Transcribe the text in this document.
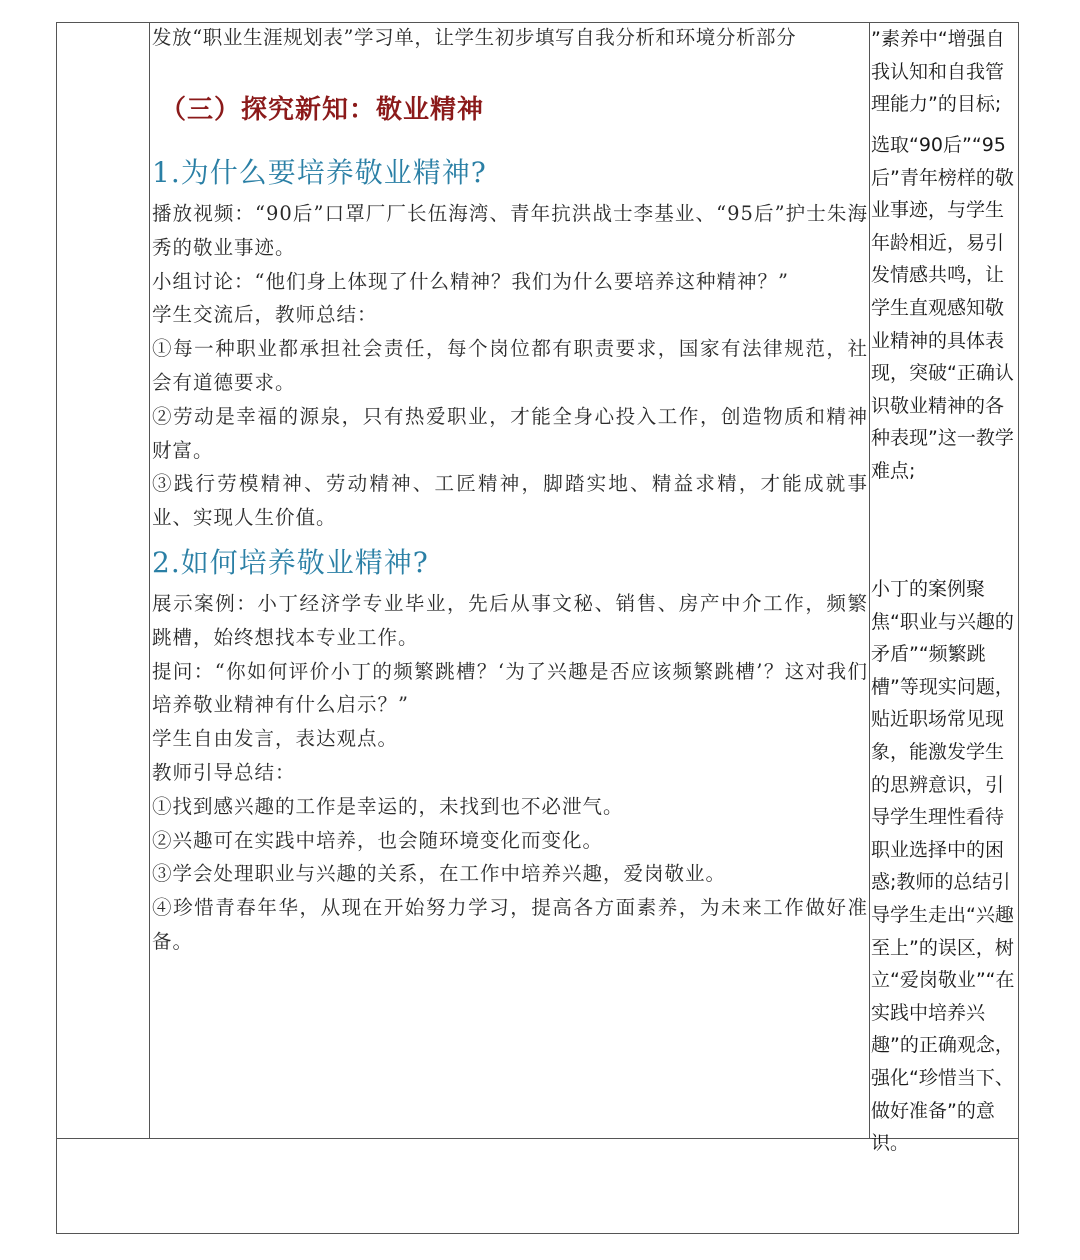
发放“职业生涯规划表”学习单，让学生初步填写自我分析和环境分析部分

（三）探究新知：敬业精神
1.为什么要培养敬业精神?

播放视频：“90后”口罩厂厂长伍海湾、青年抗洪战士李基业、“95后”护士朱海秀的敬业事迹。

小组讨论：“他们身上体现了什么精神？我们为什么要培养这种精神？”

学生交流后，教师总结：

①每一种职业都承担社会责任，每个岗位都有职责要求，国家有法律规范，社会有道德要求。

②劳动是幸福的源泉，只有热爱职业，才能全身心投入工作，创造物质和精神财富。

③践行劳模精神、劳动精神、工匠精神，脚踏实地、精益求精，才能成就事业、实现人生价值。

2.如何培养敬业精神?

展示案例：小丁经济学专业毕业，先后从事文秘、销售、房产中介工作，频繁跳槽，始终想找本专业工作。

提问：“你如何评价小丁的频繁跳槽？‘为了兴趣是否应该频繁跳槽’？这对我们培养敬业精神有什么启示？”

学生自由发言，表达观点。

教师引导总结：

①找到感兴趣的工作是幸运的，未找到也不必泄气。

②兴趣可在实践中培养，也会随环境变化而变化。

③学会处理职业与兴趣的关系，在工作中培养兴趣，爱岗敬业。

④珍惜青春年华，从现在开始努力学习，提高各方面素养，为未来工作做好准备。

”素养中“增强自我认知和自我管理能力”的目标;
选取“90后”“95后”青年榜样的敬业事迹，与学生年龄相近，易引发情感共鸣，让学生直观感知敬业精神的具体表现，突破“正确认识敬业精神的各种表现”这一教学难点;
小丁的案例聚焦“职业与兴趣的矛盾”“频繁跳槽”等现实问题，贴近职场常见现象，能激发学生的思辨意识，引导学生理性看待职业选择中的困惑;教师的总结引导学生走出“兴趣至上”的误区，树立“爱岗敬业”“在实践中培养兴趣”的正确观念，强化“珍惜当下、做好准备”的意识。
